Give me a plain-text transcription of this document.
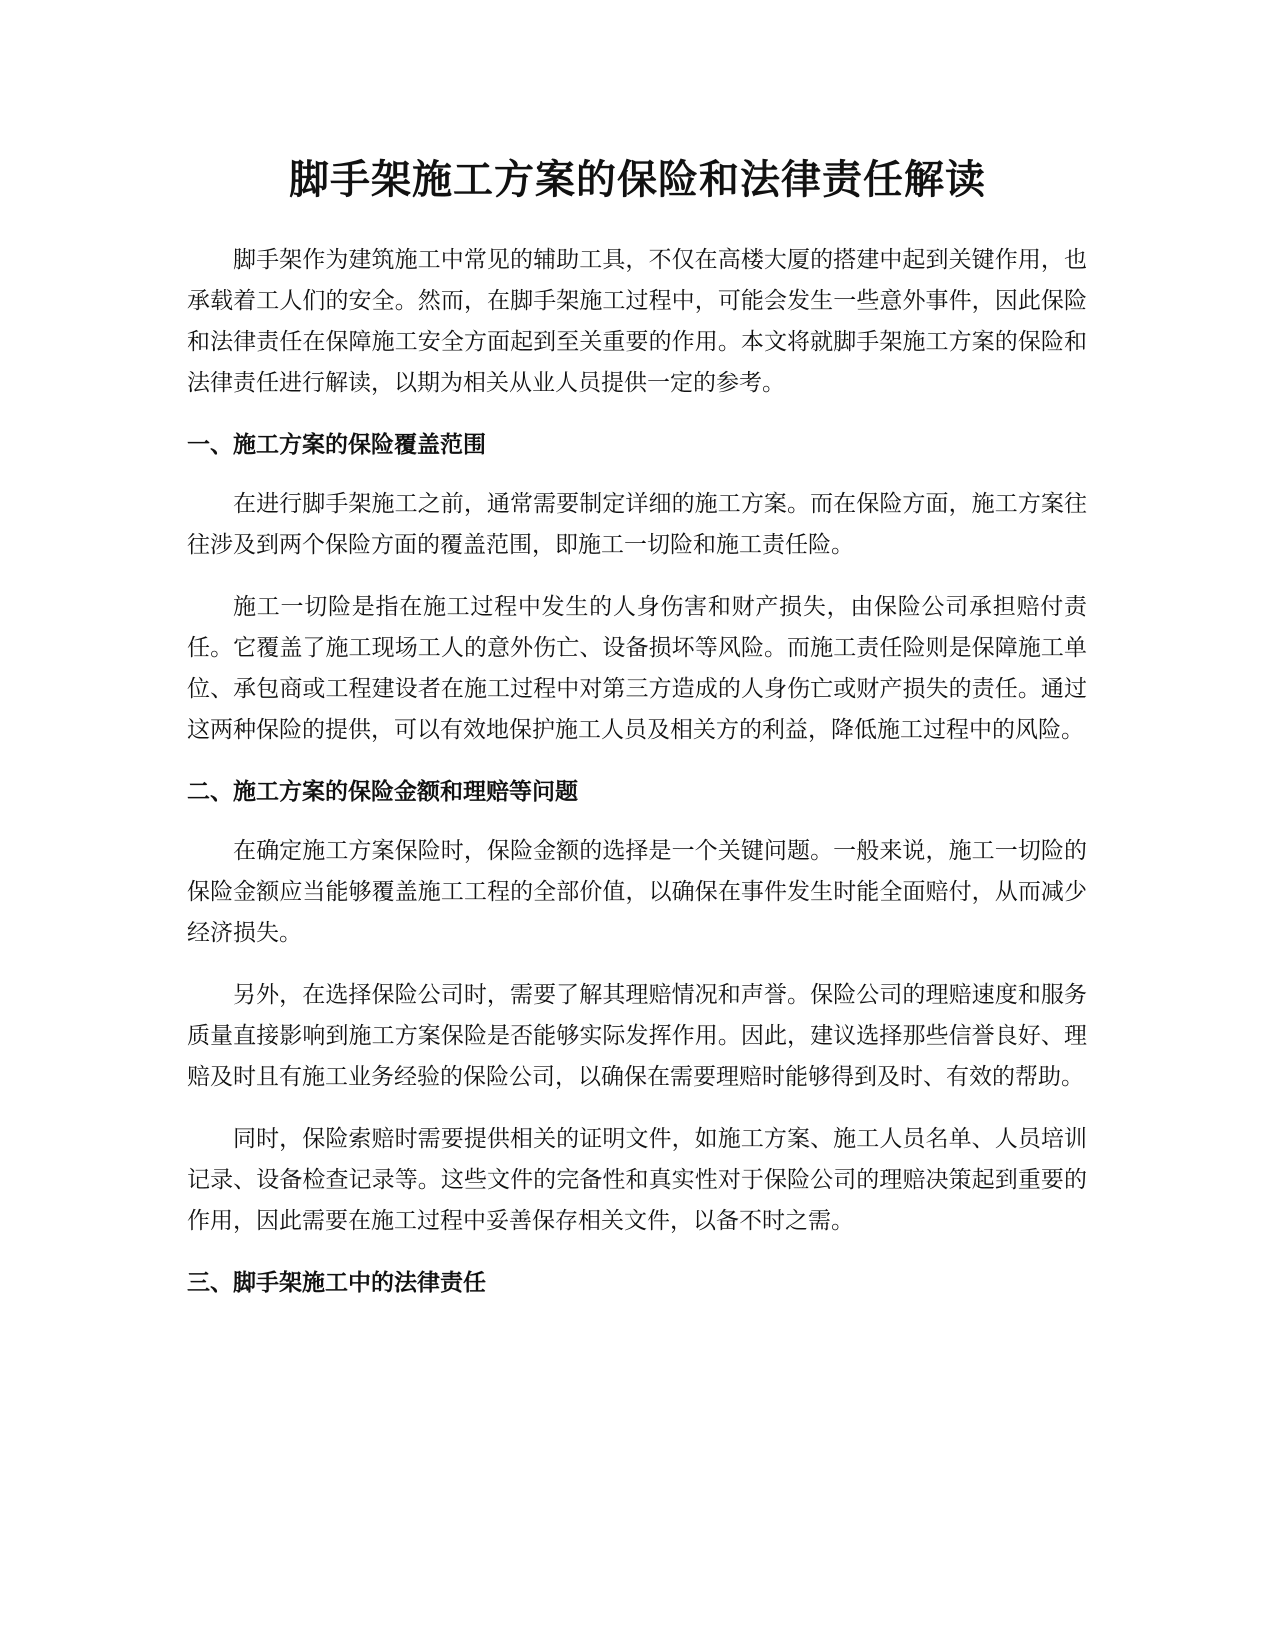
脚手架施工方案的保险和法律责任解读

脚手架作为建筑施工中常见的辅助工具，不仅在高楼大厦的搭建中起到关键作用，也承载着工人们的安全。然而，在脚手架施工过程中，可能会发生一些意外事件，因此保险和法律责任在保障施工安全方面起到至关重要的作用。本文将就脚手架施工方案的保险和法律责任进行解读，以期为相关从业人员提供一定的参考。

一、施工方案的保险覆盖范围

在进行脚手架施工之前，通常需要制定详细的施工方案。而在保险方面，施工方案往往涉及到两个保险方面的覆盖范围，即施工一切险和施工责任险。

施工一切险是指在施工过程中发生的人身伤害和财产损失，由保险公司承担赔付责任。它覆盖了施工现场工人的意外伤亡、设备损坏等风险。而施工责任险则是保障施工单位、承包商或工程建设者在施工过程中对第三方造成的人身伤亡或财产损失的责任。通过这两种保险的提供，可以有效地保护施工人员及相关方的利益，降低施工过程中的风险。

二、施工方案的保险金额和理赔等问题

在确定施工方案保险时，保险金额的选择是一个关键问题。一般来说，施工一切险的保险金额应当能够覆盖施工工程的全部价值，以确保在事件发生时能全面赔付，从而减少经济损失。

另外，在选择保险公司时，需要了解其理赔情况和声誉。保险公司的理赔速度和服务质量直接影响到施工方案保险是否能够实际发挥作用。因此，建议选择那些信誉良好、理赔及时且有施工业务经验的保险公司，以确保在需要理赔时能够得到及时、有效的帮助。

同时，保险索赔时需要提供相关的证明文件，如施工方案、施工人员名单、人员培训记录、设备检查记录等。这些文件的完备性和真实性对于保险公司的理赔决策起到重要的作用，因此需要在施工过程中妥善保存相关文件，以备不时之需。

三、脚手架施工中的法律责任
